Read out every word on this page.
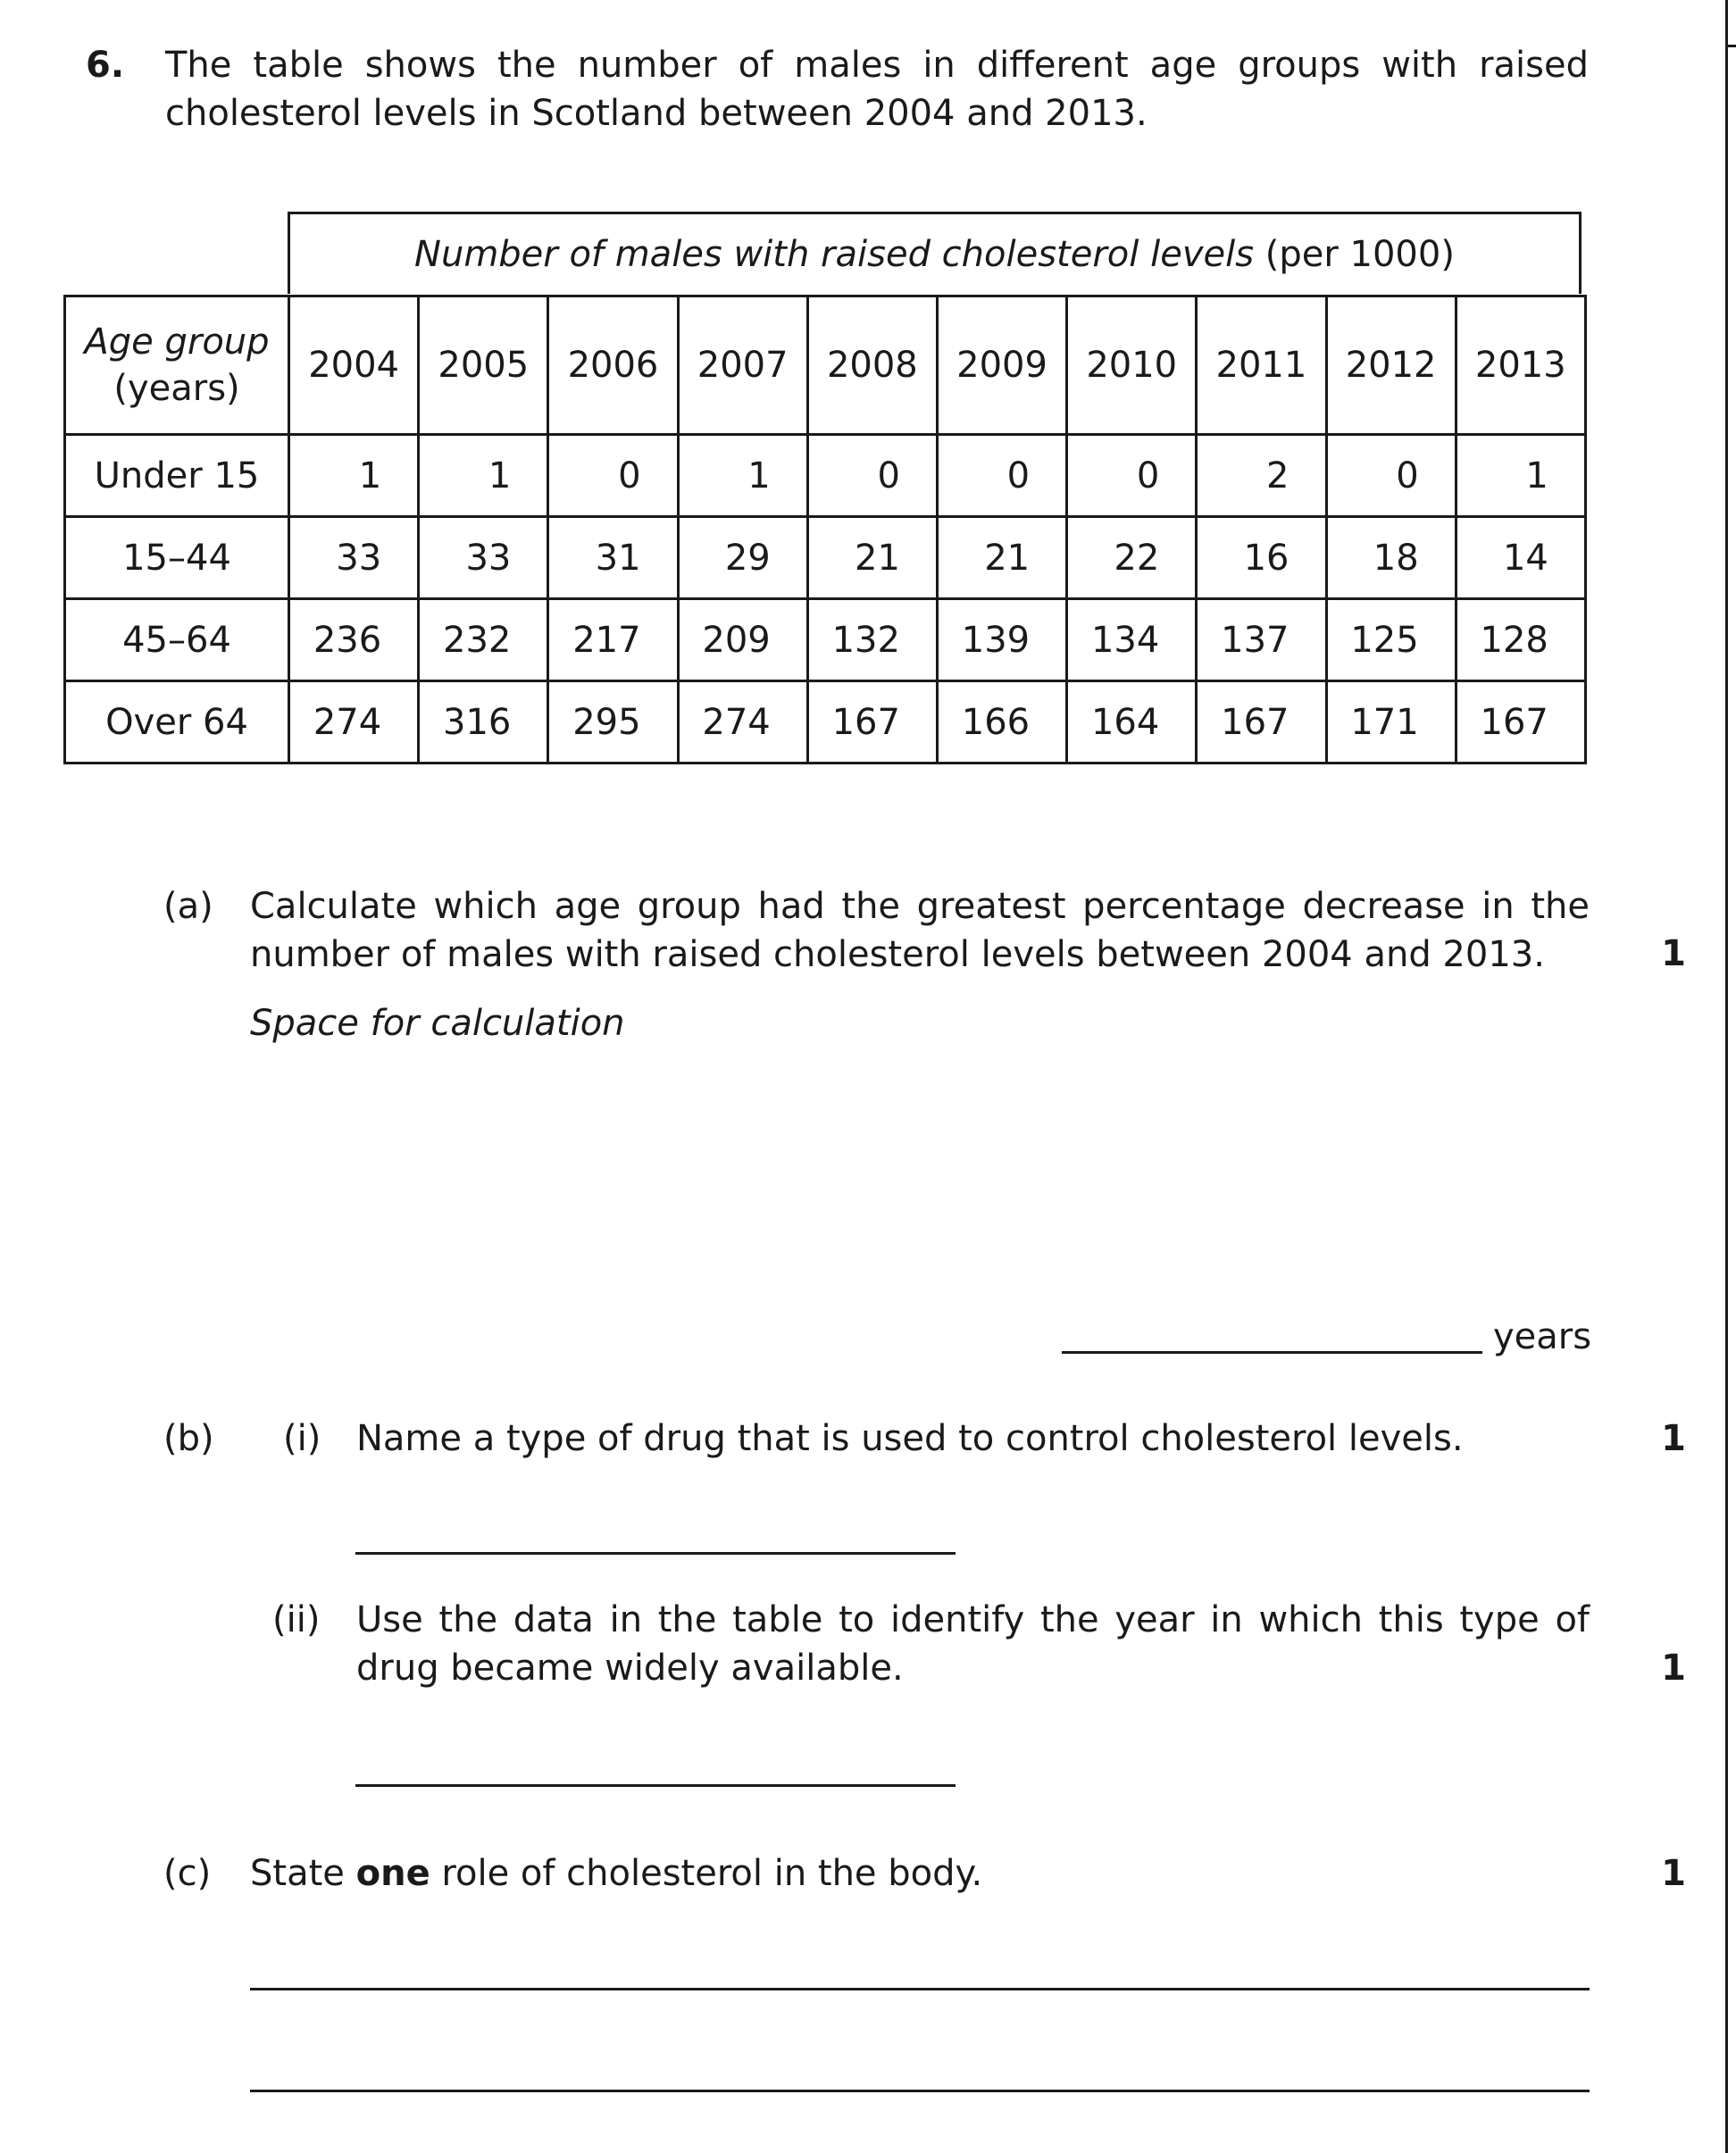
6. The table shows the number of males in different age groups with raised cholesterol levels in Scotland between 2004 and 2013.
Number of males with raised cholesterol levels
(per 1000)
Age group
(years)	2004	2005	2006	2007	2008	2009	2010	2011	2012	2013
Under 15	1	1	0	1	0	0	0	2	0	1
15–44	33	33	31	29	21	21	22	16	18	14
45–64	236	232	217	209	132	139	134	137	125	128
Over 64	274	316	295	274	167	166	164	167	171	167
(a) Calculate which age group had the greatest percentage decrease in the number of males with raised cholesterol levels between 2004 and 2013.	1
Space for calculation
years
(b) (i) Name a type of drug that is used to control cholesterol levels.	1
(ii) Use the data in the table to identify the year in which this type of drug became widely available.	1
(c) State one role of cholesterol in the body.	1
